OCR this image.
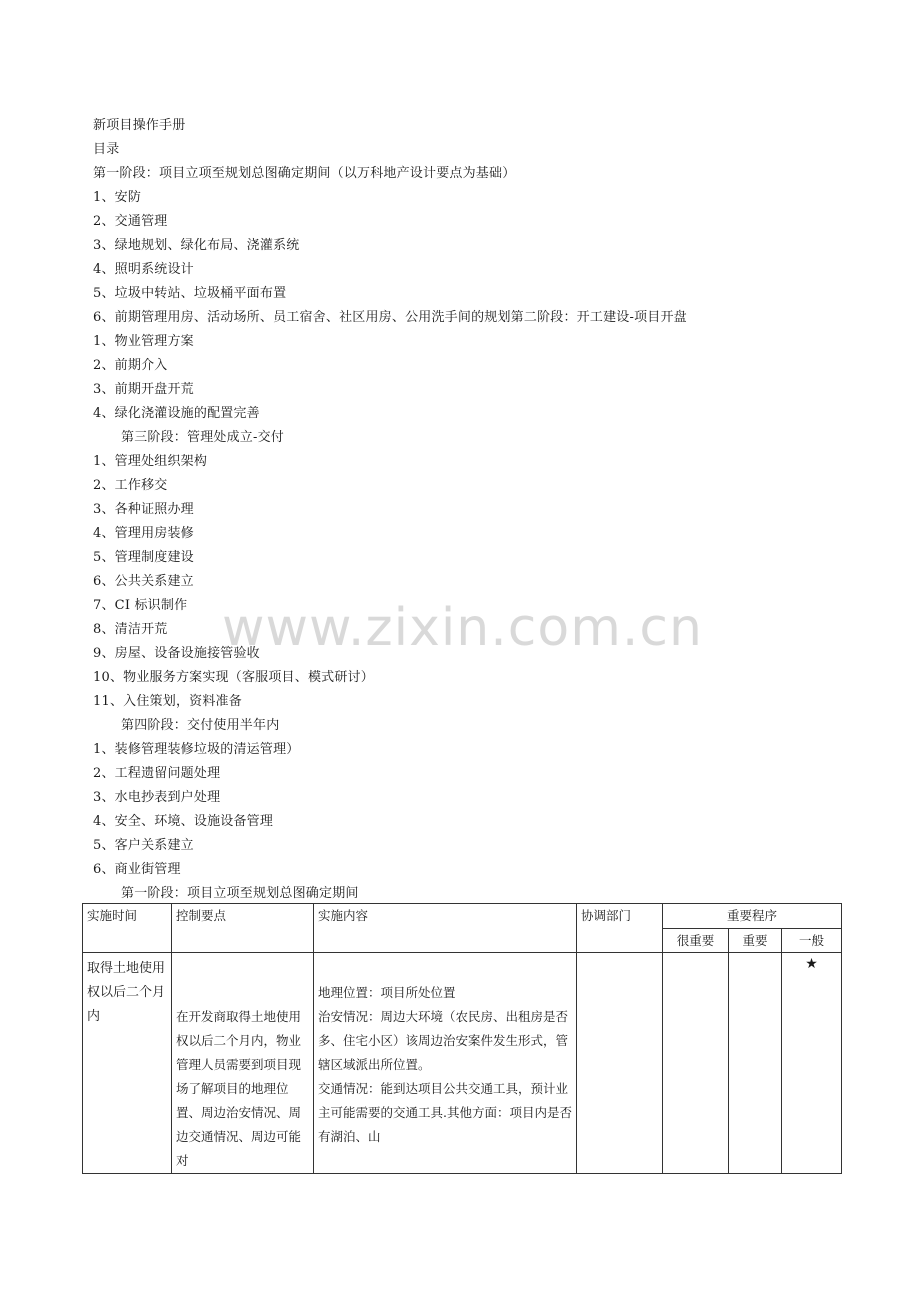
新项目操作手册
目录
第一阶段：项目立项至规划总图确定期间（以万科地产设计要点为基础）
1、安防
2、交通管理
3、绿地规划、绿化布局、浇灌系统
4、照明系统设计
5、垃圾中转站、垃圾桶平面布置
6、前期管理用房、活动场所、员工宿舍、社区用房、公用洗手间的规划第二阶段：开工建设-项目开盘
1、物业管理方案
2、前期介入
3、前期开盘开荒
4、绿化浇灌设施的配置完善
第三阶段：管理处成立-交付
1、管理处组织架构
2、工作移交
3、各种证照办理
4、管理用房装修
5、管理制度建设
6、公共关系建立
7、CI 标识制作
8、清洁开荒
9、房屋、设备设施接管验收
10、物业服务方案实现（客服项目、模式研讨）
11、入住策划，资料准备
第四阶段：交付使用半年内
1、装修管理装修垃圾的清运管理）
2、工程遗留问题处理
3、水电抄表到户处理
4、安全、环境、设施设备管理
5、客户关系建立
6、商业街管理
第一阶段：项目立项至规划总图确定期间
www.zixin.com.cn
实施时间	控制要点	实施内容	协调部门	重要程序		
				很重要	重要	一般

取得土地使用权以后二个月内	在开发商取得土地使用权以后二个月内，物业管理人员需要到项目现场了解项目的地理位置、周边治安情况、周边交通情况、周边可能对	地理位置：项目所处位置
治安情况：周边大环境（农民房、出租房是否多、住宅小区）该周边治安案件发生形式，管辖区域派出所位置。
交通情况：能到达项目公共交通工具，预计业主可能需要的交通工具.其他方面：项目内是否有湖泊、山				★
